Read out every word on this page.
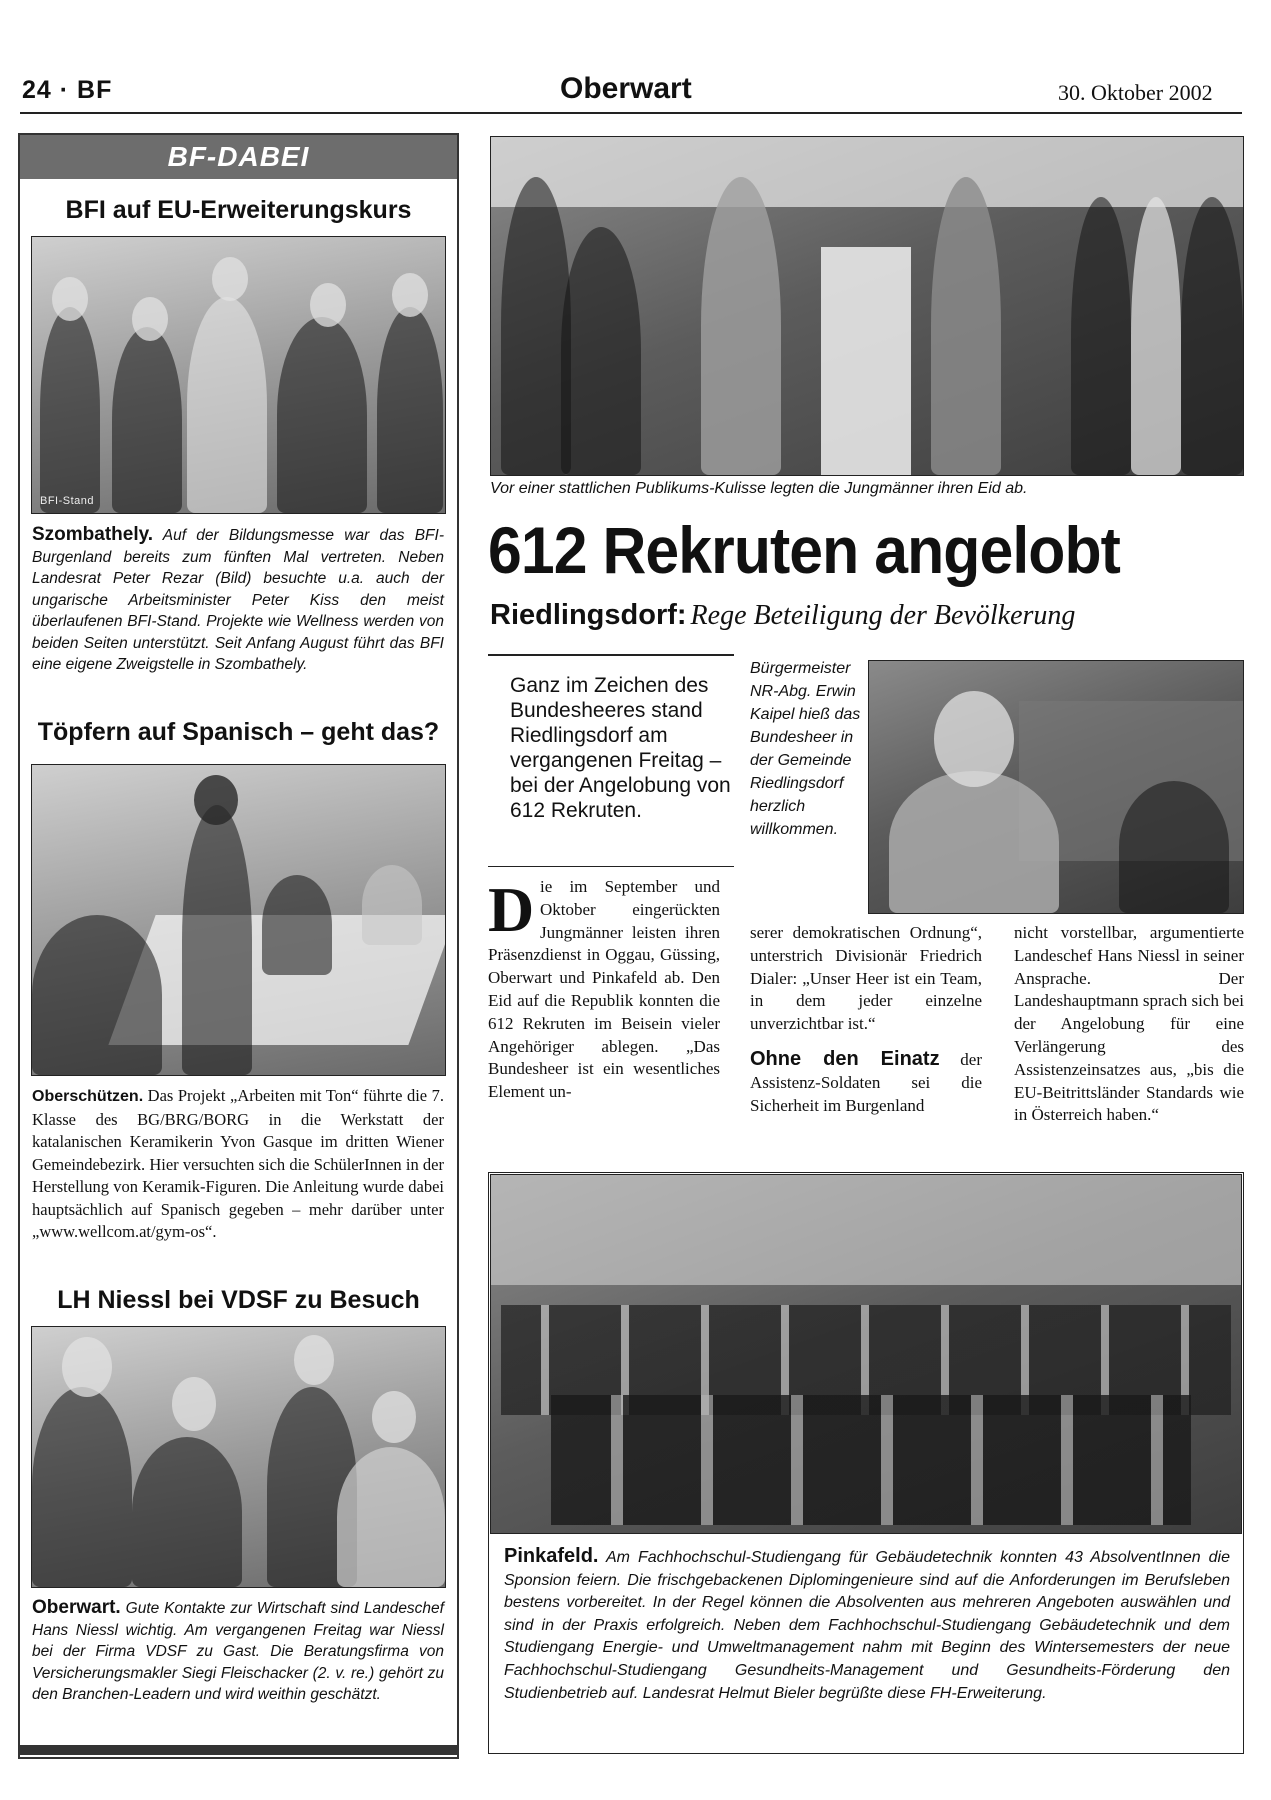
24 · BF	Oberwart	30. Oktober 2002
BF-DABEI
BFI auf EU-Erweiterungskurs
BFI-Stand
Szombathely. Auf der Bildungsmesse war das BFI-Burgenland bereits zum fünften Mal vertreten. Neben Landesrat Peter Rezar (Bild) besuchte u.a. auch der ungarische Arbeitsminister Peter Kiss den meist überlaufenen BFI-Stand. Projekte wie Wellness werden von beiden Seiten unterstützt. Seit Anfang August führt das BFI eine eigene Zweigstelle in Szombathely.
Töpfern auf Spanisch – geht das?
Oberschützen. Das Projekt „Arbeiten mit Ton“ führte die 7. Klasse des BG/BRG/BORG in die Werkstatt der katalanischen Keramikerin Yvon Gasque im dritten Wiener Gemeindebezirk. Hier versuchten sich die SchülerInnen in der Herstellung von Keramik-Figuren. Die Anleitung wurde dabei hauptsächlich auf Spanisch gegeben – mehr darüber unter „www.wellcom.at/gym-os“.
LH Niessl bei VDSF zu Besuch
Oberwart. Gute Kontakte zur Wirtschaft sind Landeschef Hans Niessl wichtig. Am vergangenen Freitag war Niessl bei der Firma VDSF zu Gast. Die Beratungsfirma von Versicherungsmakler Siegi Fleischacker (2. v. re.) gehört zu den Branchen-Leadern und wird weithin geschätzt.
Vor einer stattlichen Publikums-Kulisse legten die Jungmänner ihren Eid ab.
612 Rekruten angelobt
Riedlingsdorf: Rege Beteiligung der Bevölkerung
Ganz im Zeichen des Bundesheeres stand Riedlingsdorf am vergangenen Freitag – bei der Angelobung von 612 Rekruten.
Bürgermeister NR-Abg. Erwin Kaipel hieß das Bundesheer in der Gemeinde Riedlingsdorf herzlich willkommen.
D ie im September und Oktober eingerückten Jungmänner leisten ihren Präsenzdienst in Oggau, Güssing, Oberwart und Pinkafeld ab. Den Eid auf die Republik konnten die 612 Rekruten im Beisein vieler Angehöriger ablegen. „Das Bundesheer ist ein wesentliches Element un-

serer demokratischen Ordnung“, unterstrich Divisionär Friedrich Dialer: „Unser Heer ist ein Team, in dem jeder einzelne unverzichtbar ist.“

Ohne den Einatz der Assistenz-Soldaten sei die Sicherheit im Burgenland

nicht vorstellbar, argumentierte Landeschef Hans Niessl in seiner Ansprache. Der Landeshauptmann sprach sich bei der Angelobung für eine Verlängerung des Assistenzeinsatzes aus, „bis die EU-Beitrittsländer Standards wie in Österreich haben.“
Pinkafeld. Am Fachhochschul-Studiengang für Gebäudetechnik konnten 43 AbsolventInnen die Sponsion feiern. Die frischgebackenen Diplomingenieure sind auf die Anforderungen im Berufsleben bestens vorbereitet. In der Regel können die Absolventen aus mehreren Angeboten auswählen und sind in der Praxis erfolgreich. Neben dem Fachhochschul-Studiengang Gebäudetechnik und dem Studiengang Energie- und Umweltmanagement nahm mit Beginn des Wintersemesters der neue Fachhochschul-Studiengang Gesundheits-Management und Gesundheits-Förderung den Studienbetrieb auf. Landesrat Helmut Bieler begrüßte diese FH-Erweiterung.
